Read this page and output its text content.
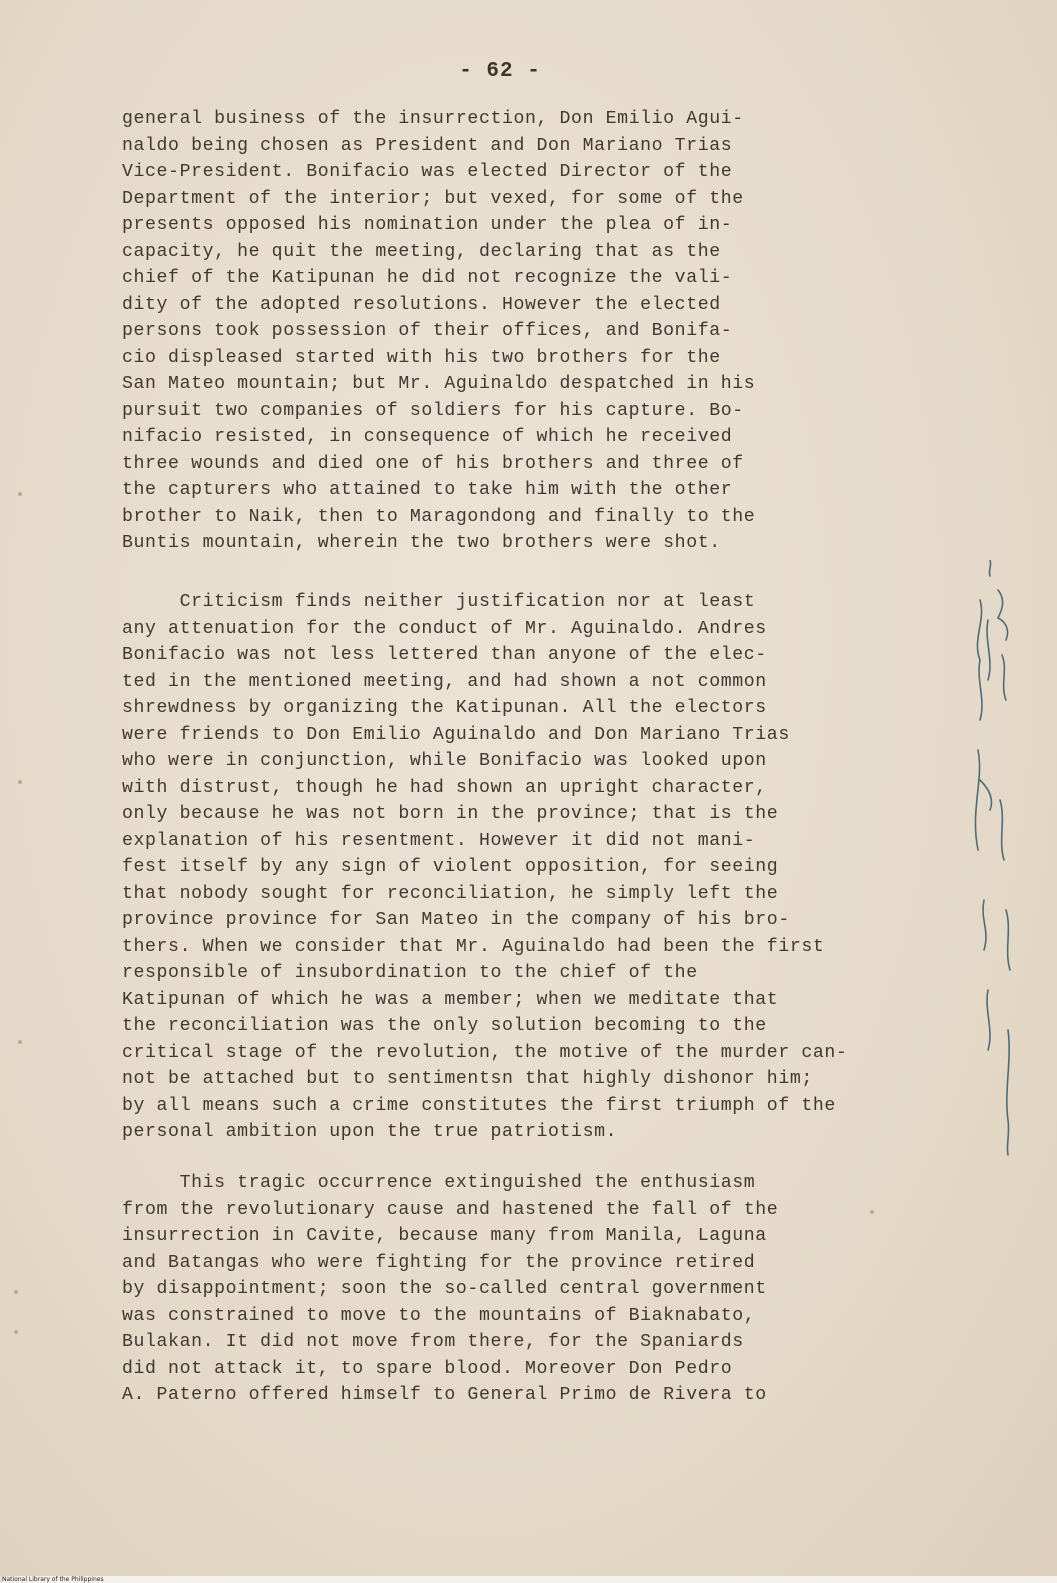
- 62 -
general business of the insurrection, Don Emilio Agui-
naldo being chosen as President and Don Mariano Trias
Vice-President. Bonifacio was elected Director of the
Department of the interior; but vexed, for some of the
presents opposed his nomination under the plea of in-
capacity, he quit the meeting, declaring that as the
chief of the Katipunan he did not recognize the vali-
dity of the adopted resolutions. However the elected
persons took possession of their offices, and Bonifa-
cio displeased started with his two brothers for the
San Mateo mountain; but Mr. Aguinaldo despatched in his
pursuit two companies of soldiers for his capture. Bo-
nifacio resisted, in consequence of which he received
three wounds and died one of his brothers and three of
the capturers who attained to take him with the other
brother to Naik, then to Maragondong and finally to the
Buntis mountain, wherein the two brothers were shot.
Criticism finds neither justification nor at least
any attenuation for the conduct of Mr. Aguinaldo. Andres
Bonifacio was not less lettered than anyone of the elec-
ted in the mentioned meeting, and had shown a not common
shrewdness by organizing the Katipunan. All the electors
were friends to Don Emilio Aguinaldo and Don Mariano Trias
who were in conjunction, while Bonifacio was looked upon
with distrust, though he had shown an upright character,
only because he was not born in the province; that is the
explanation of his resentment. However it did not mani-
fest itself by any sign of violent opposition, for seeing
that nobody sought for reconciliation, he simply left the
province province for San Mateo in the company of his bro-
thers. When we consider that Mr. Aguinaldo had been the first
responsible of insubordination to the chief of the
Katipunan of which he was a member; when we meditate that
the reconciliation was the only solution becoming to the
critical stage of the revolution, the motive of the murder can-
not be attached but to sentimentsn that highly dishonor him;
by all means such a crime constitutes the first triumph of the
personal ambition upon the true patriotism.
This tragic occurrence extinguished the enthusiasm
from the revolutionary cause and hastened the fall of the
insurrection in Cavite, because many from Manila, Laguna
and Batangas who were fighting for the province retired
by disappointment; soon the so-called central government
was constrained to move to the mountains of Biaknabato,
Bulakan. It did not move from there, for the Spaniards
did not attack it, to spare blood. Moreover Don Pedro
A. Paterno offered himself to General Primo de Rivera to
National Library of the Philippines
